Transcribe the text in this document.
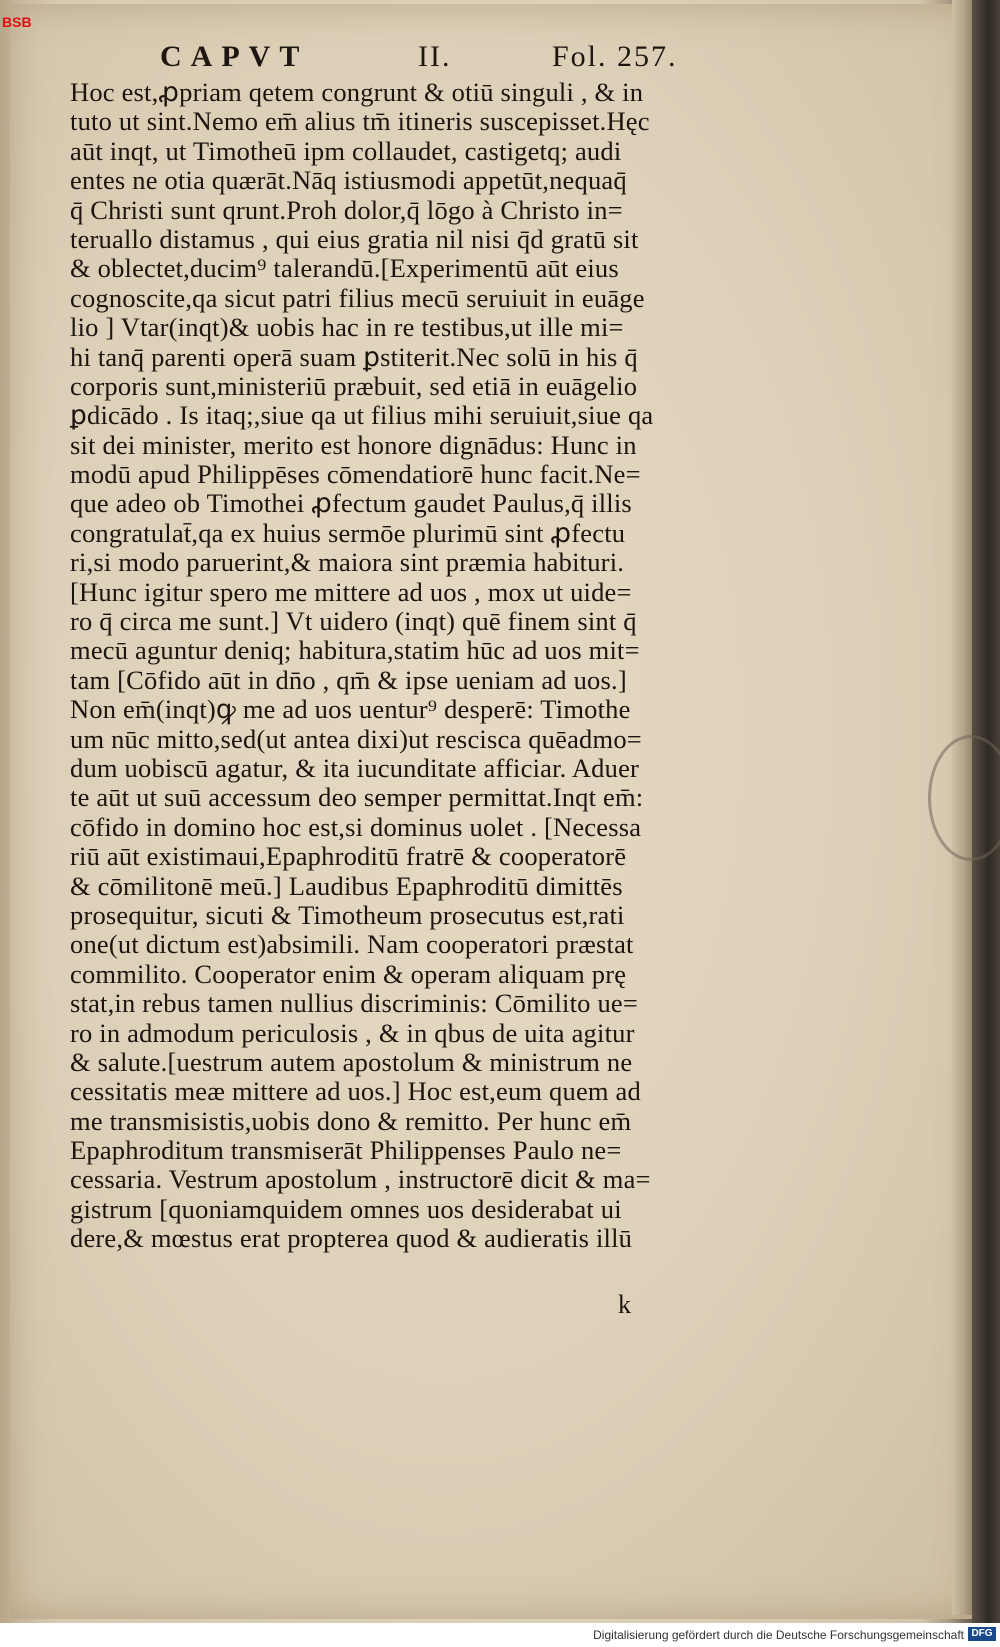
BSB
CAPVT	II.	Fol. 257.
Hoc est,ꝓpriam qetem congrunt & otiū singuli , & in
tuto ut sint.Nemo em̄ alius tm̄ itineris suscepisset.Hęc
aūt inqt, ut Timotheū ipm collaudet, castigetq; audi
entes ne otia quærāt.Nāq istiusmodi appetūt,nequaq̄
q̄ Christi sunt qrunt.Proh dolor,q̄ lōgo à Christo in=
teruallo distamus , qui eius gratia nil nisi q̄d gratū sit
& oblectet,ducim⁹ talerandū.[Experimentū aūt eius
cognoscite,qa sicut patri filius mecū seruiuit in euāge
lio ] Vtar(inqt)& uobis hac in re testibus,ut ille mi=
hi tanq̄ parenti operā suam ꝑstiterit.Nec solū in his q̄
corporis sunt,ministeriū præbuit, sed etiā in euāgelio
ꝑdicādo . Is itaq;,siue qa ut filius mihi seruiuit,siue qa
sit dei minister, merito est honore dignādus: Hunc in
modū apud Philippēses cōmendatiorē hunc facit.Ne=
que adeo ob Timothei ꝓfectum gaudet Paulus,q̄ illis
congratulat̄,qa ex huius sermōe plurimū sint ꝓfectu
ri,si modo paruerint,& maiora sint præmia habituri.
[Hunc igitur spero me mittere ad uos , mox ut uide=
ro q̄ circa me sunt.] Vt uidero (inqt) quē finem sint q̄
mecū aguntur deniq; habitura,statim hūc ad uos mit=
tam [Cōfido aūt in dn̄o , qm̄ & ipse ueniam ad uos.]
Non em̄(inqt)ꝙ me ad uos uentur⁹ desperē: Timothe
um nūc mitto,sed(ut antea dixi)ut rescisca quēadmo=
dum uobiscū agatur, & ita iucunditate afficiar. Aduer
te aūt ut suū accessum deo semper permittat.Inqt em̄:
cōfido in domino hoc est,si dominus uolet . [Necessa
riū aūt existimaui,Epaphroditū fratrē & cooperatorē
& cōmilitonē meū.] Laudibus Epaphroditū dimittēs
prosequitur, sicuti & Timotheum prosecutus est,rati
one(ut dictum est)absimili. Nam cooperatori præstat
commilito. Cooperator enim & operam aliquam prę
stat,in rebus tamen nullius discriminis: Cōmilito ue=
ro in admodum periculosis , & in qbus de uita agitur
& salute.[uestrum autem apostolum & ministrum ne
cessitatis meæ mittere ad uos.] Hoc est,eum quem ad
me transmisistis,uobis dono & remitto. Per hunc em̄
Epaphroditum transmiserāt Philippenses Paulo ne=
cessaria. Vestrum apostolum , instructorē dicit & ma=
gistrum [quoniamquidem omnes uos desiderabat ui
dere,& mœstus erat propterea quod & audieratis illū
k
Digitalisierung gefördert durch die Deutsche Forschungsgemeinschaft DFG
